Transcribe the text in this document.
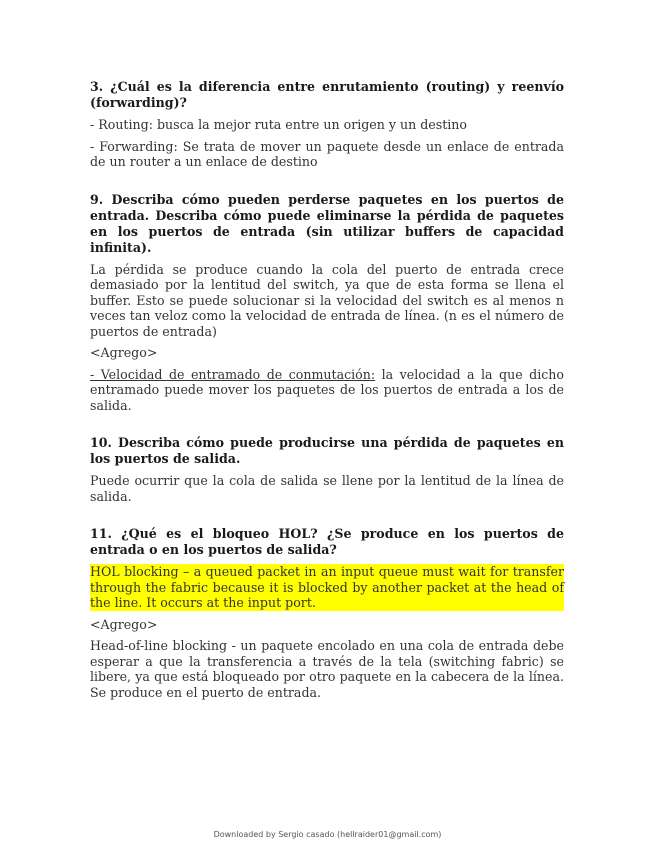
3. ¿Cuál es la diferencia entre enrutamiento (routing) y reenvío (forwarding)?
- Routing: busca la mejor ruta entre un origen y un destino
- Forwarding: Se trata de mover un paquete desde un enlace de entrada de un router a un enlace de destino
9. Describa cómo pueden perderse paquetes en los puertos de entrada. Describa cómo puede eliminarse la pérdida de paquetes en los puertos de entrada (sin utilizar buffers de capacidad infinita).
La pérdida se produce cuando la cola del puerto de entrada crece demasiado por la lentitud del switch, ya que de esta forma se llena el buffer. Esto se puede solucionar si la velocidad del switch es al menos n veces tan veloz como la velocidad de entrada de línea. (n es el número de puertos de entrada)
<Agrego>
- Velocidad de entramado de conmutación: la velocidad a la que dicho entramado puede mover los paquetes de los puertos de entrada a los de salida.
10. Describa cómo puede producirse una pérdida de paquetes en los puertos de salida.
Puede ocurrir que la cola de salida se llene por la lentitud de la línea de salida.
11. ¿Qué es el bloqueo HOL? ¿Se produce en los puertos de entrada o en los puertos de salida?
HOL blocking – a queued packet in an input queue must wait for transfer through the fabric because it is blocked by another packet at the head of the line. It occurs at the input port.
<Agrego>
Head-of-line blocking - un paquete encolado en una cola de entrada debe esperar a que la transferencia a través de la tela (switching fabric) se libere, ya que está bloqueado por otro paquete en la cabecera de la línea. Se produce en el puerto de entrada.
Downloaded by Sergio casado (hellraider01@gmail.com)
